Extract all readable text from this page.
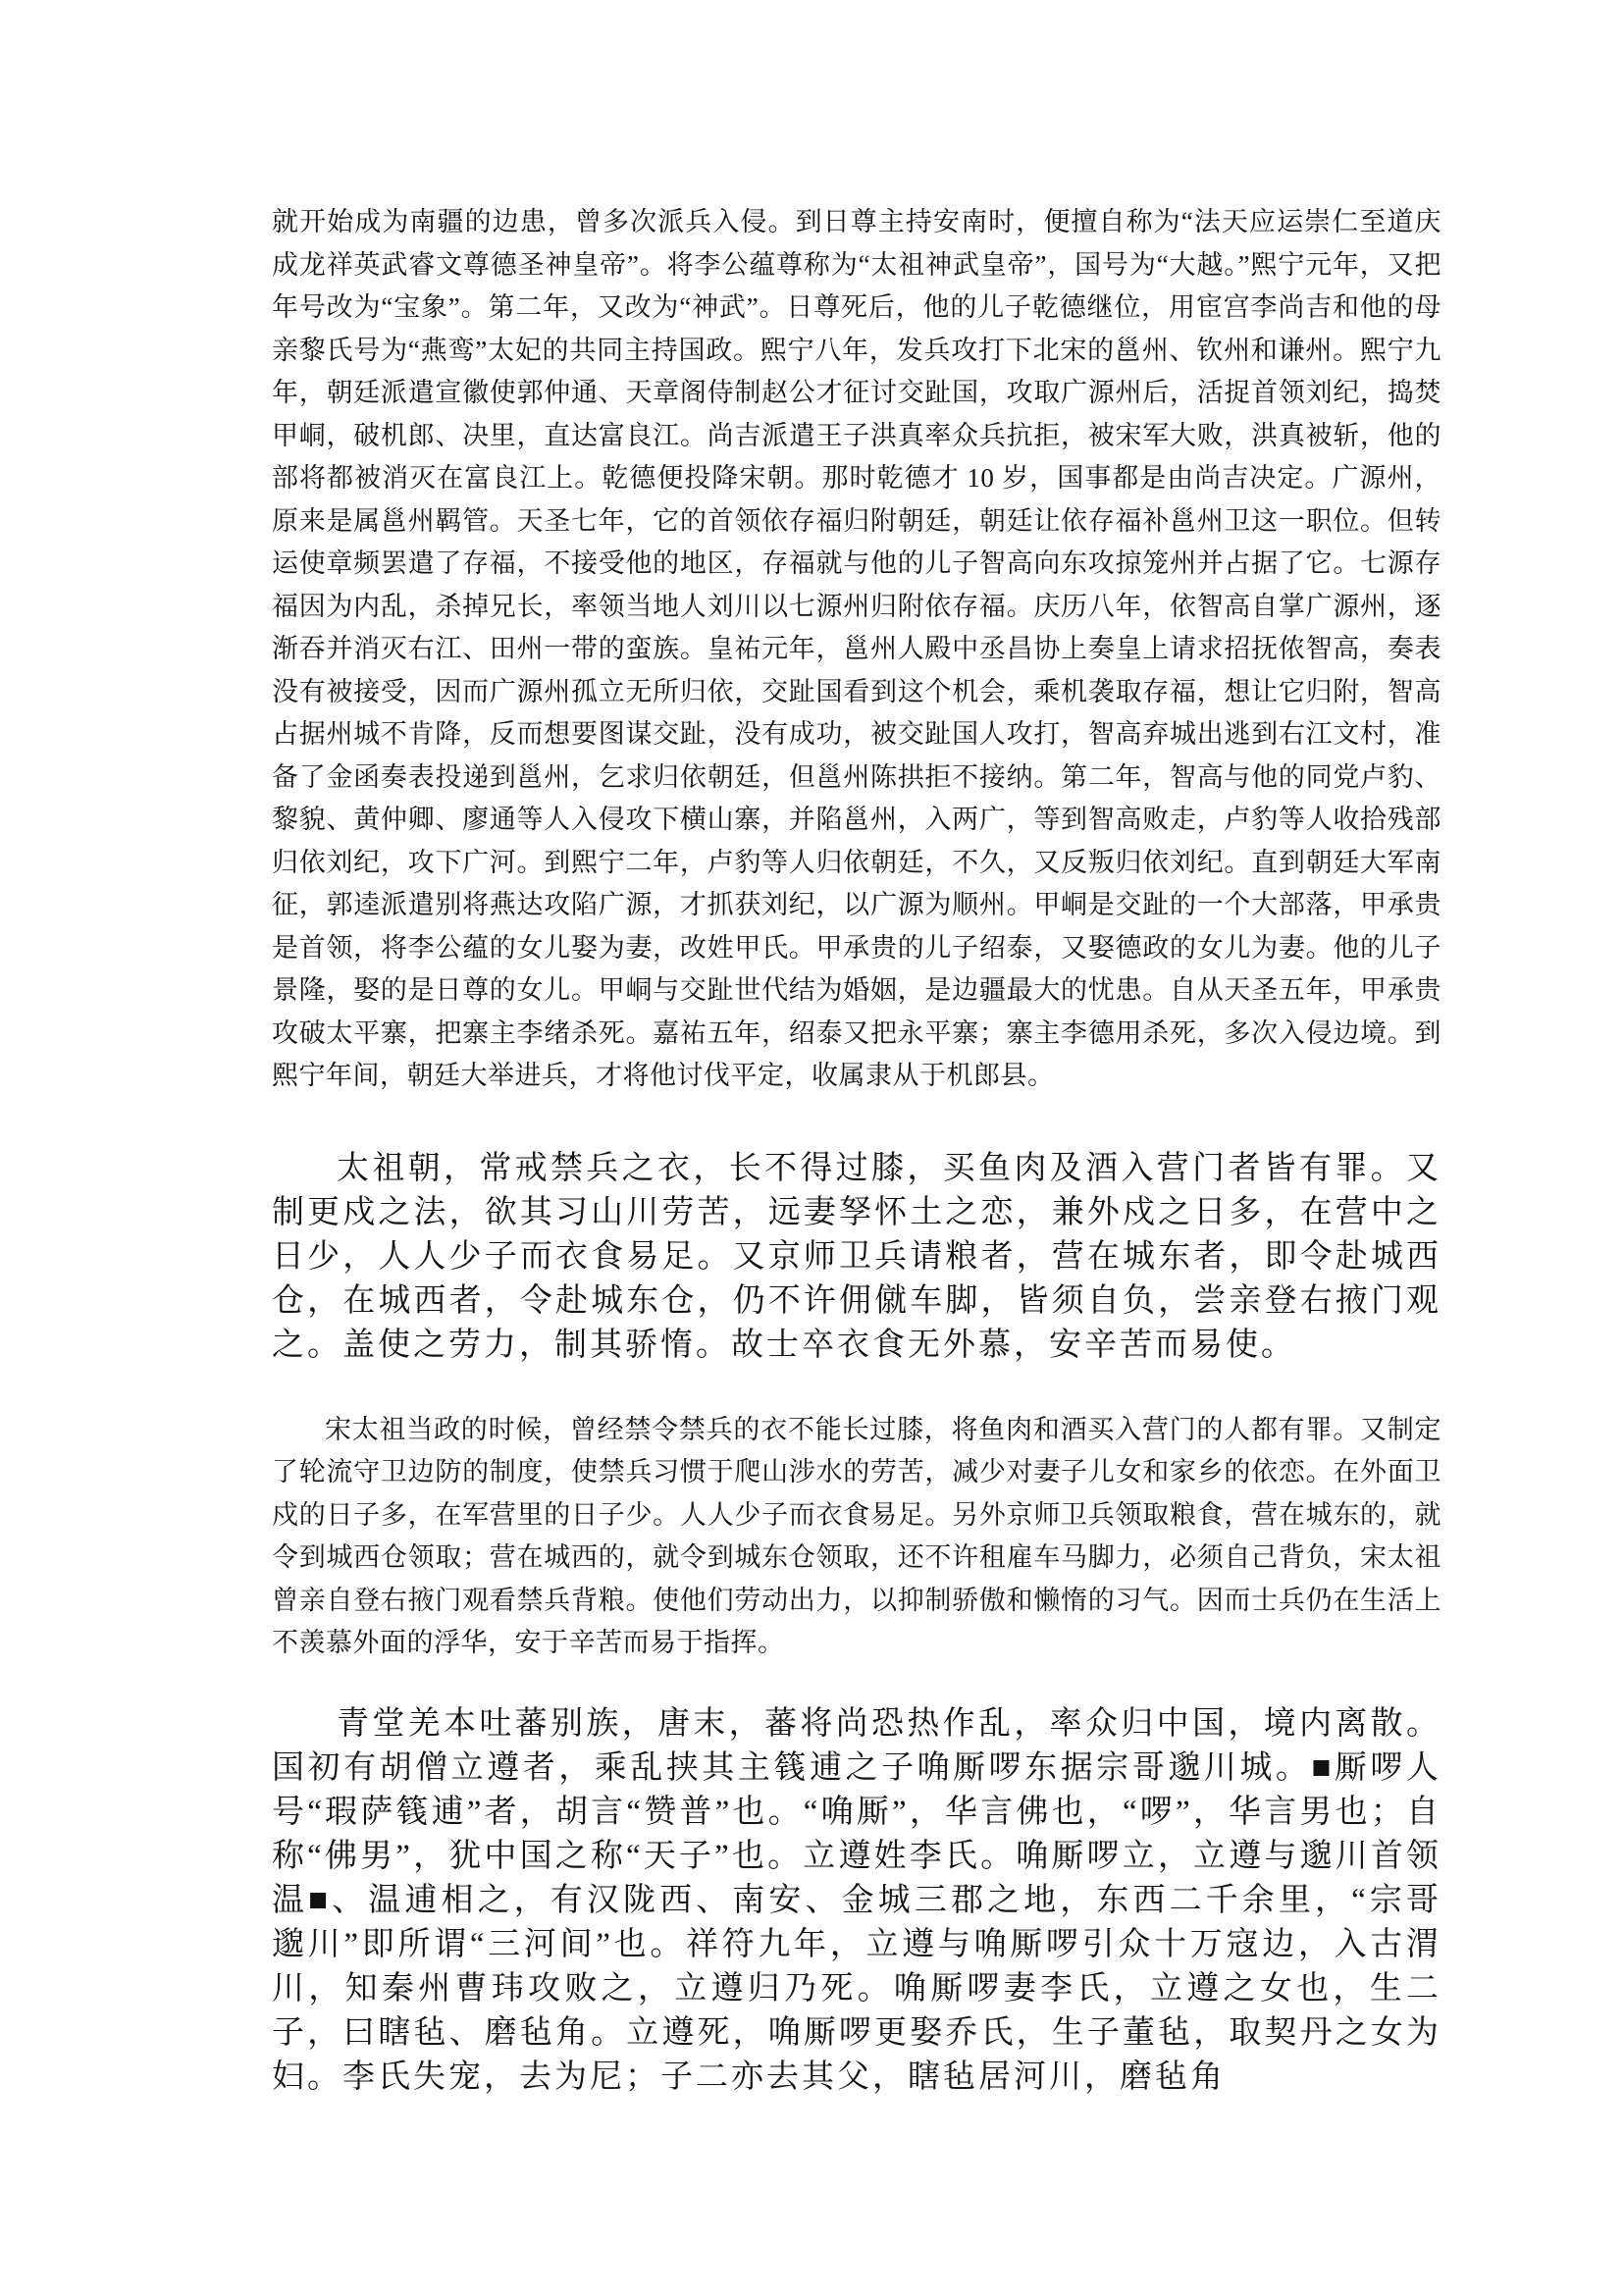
就开始成为南疆的边患，曾多次派兵入侵。到日尊主持安南时，便擅自称为“法天应运崇仁至道庆成龙祥英武睿文尊德圣神皇帝”。将李公蕴尊称为“太祖神武皇帝”，国号为“大越。”熙宁元年，又把年号改为“宝象”。第二年，又改为“神武”。日尊死后，他的儿子乾德继位，用宦宫李尚吉和他的母亲黎氏号为“燕鸾”太妃的共同主持国政。熙宁八年，发兵攻打下北宋的邕州、钦州和谦州。熙宁九年，朝廷派遣宣徽使郭仲通、天章阁侍制赵公才征讨交趾国，攻取广源州后，活捉首领刘纪，捣焚甲峒，破机郎、决里，直达富良江。尚吉派遣王子洪真率众兵抗拒，被宋军大败，洪真被斩，他的部将都被消灭在富良江上。乾德便投降宋朝。那时乾德才 10 岁，国事都是由尚吉决定。广源州，原来是属邕州羁管。天圣七年，它的首领依存福归附朝廷，朝廷让依存福补邕州卫这一职位。但转运使章频罢遣了存福，不接受他的地区，存福就与他的儿子智高向东攻掠笼州并占据了它。七源存福因为内乱，杀掉兄长，率领当地人刘川以七源州归附依存福。庆历八年，依智高自掌广源州，逐渐吞并消灭右江、田州一带的蛮族。皇祐元年，邕州人殿中丞昌协上奏皇上请求招抚侬智高，奏表没有被接受，因而广源州孤立无所归依，交趾国看到这个机会，乘机袭取存福，想让它归附，智高占据州城不肯降，反而想要图谋交趾，没有成功，被交趾国人攻打，智高弃城出逃到右江文村，准备了金函奏表投递到邕州，乞求归依朝廷，但邕州陈拱拒不接纳。第二年，智高与他的同党卢豹、黎貌、黄仲卿、廖通等人入侵攻下横山寨，并陷邕州，入两广，等到智高败走，卢豹等人收拾残部归依刘纪，攻下广河。到熙宁二年，卢豹等人归依朝廷，不久，又反叛归依刘纪。直到朝廷大军南征，郭逵派遣别将燕达攻陷广源，才抓获刘纪，以广源为顺州。甲峒是交趾的一个大部落，甲承贵是首领，将李公蕴的女儿娶为妻，改姓甲氏。甲承贵的儿子绍泰，又娶德政的女儿为妻。他的儿子景隆，娶的是日尊的女儿。甲峒与交趾世代结为婚姻，是边疆最大的忧患。自从天圣五年，甲承贵攻破太平寨，把寨主李绪杀死。嘉祐五年，绍泰又把永平寨；寨主李德用杀死，多次入侵边境。到熙宁年间，朝廷大举进兵，才将他讨伐平定，收属隶从于机郎县。

太祖朝，常戒禁兵之衣，长不得过膝，买鱼肉及酒入营门者皆有罪。又制更戍之法，欲其习山川劳苦，远妻孥怀土之恋，兼外戍之日多，在营中之日少，人人少子而衣食易足。又京师卫兵请粮者，营在城东者，即令赴城西仓，在城西者，令赴城东仓，仍不许佣僦车脚，皆须自负，尝亲登右掖门观之。盖使之劳力，制其骄惰。故士卒衣食无外慕，安辛苦而易使。

宋太祖当政的时候，曾经禁令禁兵的衣不能长过膝，将鱼肉和酒买入营门的人都有罪。又制定了轮流守卫边防的制度，使禁兵习惯于爬山涉水的劳苦，减少对妻子儿女和家乡的依恋。在外面卫戍的日子多，在军营里的日子少。人人少子而衣食易足。另外京师卫兵领取粮食，营在城东的，就令到城西仓领取；营在城西的，就令到城东仓领取，还不许租雇车马脚力，必须自己背负，宋太祖曾亲自登右掖门观看禁兵背粮。使他们劳动出力，以抑制骄傲和懒惰的习气。因而士兵仍在生活上不羡慕外面的浮华，安于辛苦而易于指挥。

青堂羌本吐蕃别族，唐末，蕃将尚恐热作乱，率众归中国，境内离散。国初有胡僧立遵者，乘乱挟其主篯逋之子唃厮啰东据宗哥邈川城。■厮啰人号“瑕萨篯逋”者，胡言“赞普”也。“唃厮”，华言佛也，“啰”，华言男也；自称“佛男”，犹中国之称“天子”也。立遵姓李氏。唃厮啰立，立遵与邈川首领温■、温逋相之，有汉陇西、南安、金城三郡之地，东西二千余里，“宗哥邈川”即所谓“三河间”也。祥符九年，立遵与唃厮啰引众十万寇边，入古渭川，知秦州曹玮攻败之，立遵归乃死。唃厮啰妻李氏，立遵之女也，生二子，曰瞎毡、磨毡角。立遵死，唃厮啰更娶乔氏，生子董毡，取契丹之女为妇。李氏失宠，去为尼；子二亦去其父，瞎毡居河川，磨毡角
